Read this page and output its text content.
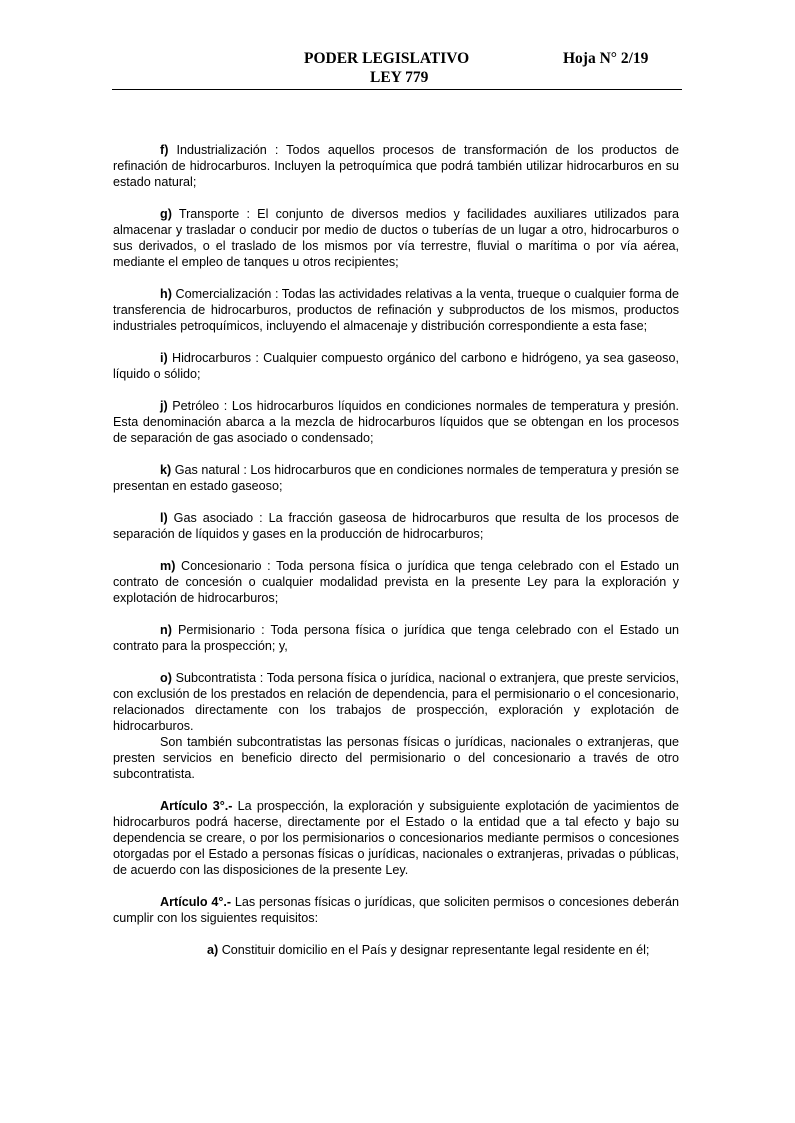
PODER LEGISLATIVO	Hoja N° 2/19
LEY 779

f) Industrialización : Todos aquellos procesos de transformación de los productos de refinación de hidrocarburos. Incluyen la petroquímica que podrá también utilizar hidrocarburos en su estado natural;

g) Transporte : El conjunto de diversos medios y facilidades auxiliares utilizados para almacenar y trasladar o conducir por medio de ductos o tuberías de un lugar a otro, hidrocarburos o sus derivados, o el traslado de los mismos por vía terrestre, fluvial o marítima o por vía aérea, mediante el empleo de tanques u otros recipientes;

h) Comercialización : Todas las actividades relativas a la venta, trueque o cualquier forma de transferencia de hidrocarburos, productos de refinación y subproductos de los mismos, productos industriales petroquímicos, incluyendo el almacenaje y distribución correspondiente a esta fase;

i) Hidrocarburos : Cualquier compuesto orgánico del carbono e hidrógeno, ya sea gaseoso, líquido o sólido;

j) Petróleo : Los hidrocarburos líquidos en condiciones normales de temperatura y presión. Esta denominación abarca a la mezcla de hidrocarburos líquidos que se obtengan en los procesos de separación de gas asociado o condensado;

k) Gas natural : Los hidrocarburos que en condiciones normales de temperatura y presión se presentan en estado gaseoso;

l) Gas asociado : La fracción gaseosa de hidrocarburos que resulta de los procesos de separación de líquidos y gases en la producción de hidrocarburos;

m) Concesionario : Toda persona física o jurídica que tenga celebrado con el Estado un contrato de concesión o cualquier modalidad prevista en la presente Ley para la exploración y explotación de hidrocarburos;

n) Permisionario : Toda persona física o jurídica que tenga celebrado con el Estado un contrato para la prospección; y,

o) Subcontratista : Toda persona física o jurídica, nacional o extranjera, que preste servicios, con exclusión de los prestados en relación de dependencia, para el permisionario o el concesionario, relacionados directamente con los trabajos de prospección, exploración y explotación de hidrocarburos.

Son también subcontratistas las personas físicas o jurídicas, nacionales o extranjeras, que presten servicios en beneficio directo del permisionario o del concesionario a través de otro subcontratista.

Artículo 3°.- La prospección, la exploración y subsiguiente explotación de yacimientos de hidrocarburos podrá hacerse, directamente por el Estado o la entidad que a tal efecto y bajo su dependencia se creare, o por los permisionarios o concesionarios mediante permisos o concesiones otorgadas por el Estado a personas físicas o jurídicas, nacionales o extranjeras, privadas o públicas, de acuerdo con las disposiciones de la presente Ley.

Artículo 4°.- Las personas físicas o jurídicas, que soliciten permisos o concesiones deberán cumplir con los siguientes requisitos:

a) Constituir domicilio en el País y designar representante legal residente en él;
